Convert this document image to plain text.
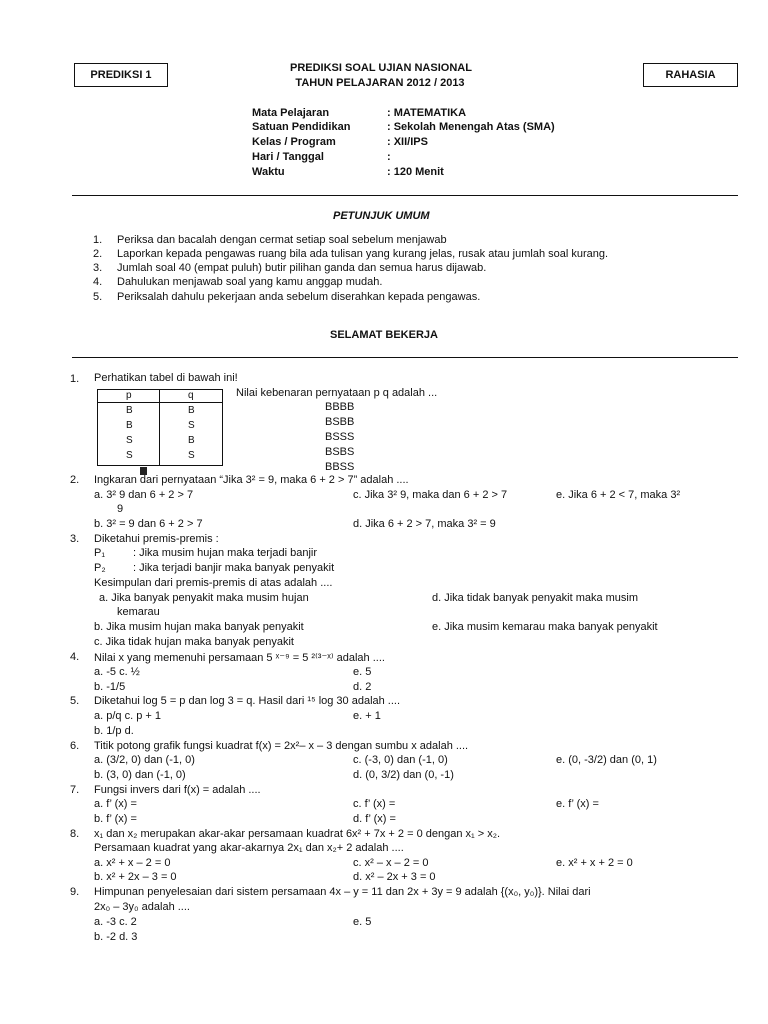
PREDIKSI 1	RAHASIA
PREDIKSI SOAL UJIAN NASIONAL
TAHUN PELAJARAN 2012 / 2013
Mata Pelajaran	: MATEMATIKA
Satuan Pendidikan	: Sekolah Menengah Atas (SMA)
Kelas / Program	: XII/IPS
Hari / Tanggal	:
Waktu	: 120 Menit
PETUNJUK UMUM
1. Periksa dan bacalah dengan cermat setiap soal sebelum menjawab
2. Laporkan kepada pengawas ruang bila ada tulisan yang kurang jelas, rusak atau jumlah soal kurang.
3. Jumlah soal 40 (empat puluh) butir pilihan ganda dan semua harus dijawab.
4. Dahulukan menjawab soal yang kamu anggap mudah.
5. Periksalah dahulu pekerjaan anda sebelum diserahkan kepada pengawas.
SELAMAT BEKERJA
1. Perhatikan tabel di bawah ini!
p	q
B	B
B	S
S	B
S	S
Nilai kebenaran pernyataan p q adalah ...
BBBB
BSBB
BSSS
BSBS
BBSS
2. Ingkaran dari pernyataan “Jika 3² = 9, maka 6 + 2 > 7” adalah ....
a. 3² 9 dan 6 + 2 > 7	c. Jika 3² 9, maka dan 6 + 2 > 7	e. Jika 6 + 2 < 7, maka 3²
9
b. 3² = 9 dan 6 + 2 > 7	d. Jika 6 + 2 > 7, maka 3² = 9
3. Diketahui premis-premis :
P₁	: Jika musim hujan maka terjadi banjir
P₂ : Jika terjadi banjir maka banyak penyakit
Kesimpulan dari premis-premis di atas adalah ....
a. Jika banyak penyakit maka musim hujan	d. Jika tidak banyak penyakit maka musim
kemarau
b. Jika musim hujan maka banyak penyakit	e. Jika musim kemarau maka banyak penyakit
c. Jika tidak hujan maka banyak penyakit
4. Nilai x yang memenuhi persamaan 5 ˣ⁻⁹ = 5 ²⁽³⁻ˣ⁾ adalah ....
a. -5 c. ½	e. 5
b. -1/5	d. 2
5. Diketahui log 5 = p dan log 3 = q. Hasil dari ¹⁵ log 30 adalah ....
a. p/q c. p + 1	e. + 1
b. 1/p d.
6. Titik potong grafik fungsi kuadrat f(x) = 2x²– x – 3 dengan sumbu x adalah ....
a. (3/2, 0) dan (-1, 0)	c. (-3, 0) dan (-1, 0)	e. (0, -3/2) dan (0, 1)
b. (3, 0) dan (-1, 0)	d. (0, 3/2) dan (0, -1)
7. Fungsi invers dari f(x) = adalah ....
a. f’ (x) =	c. f’ (x) =	e. f’ (x) =
b. f’ (x) =	d. f’ (x) =
8. x₁ dan x₂ merupakan akar-akar persamaan kuadrat 6x² + 7x + 2 = 0 dengan x₁ > x₂.
Persamaan kuadrat yang akar-akarnya 2x₁ dan x₂+ 2 adalah ....
a. x² + x – 2 = 0	c. x² – x – 2 = 0	e. x² + x + 2 = 0
b. x² + 2x – 3 = 0	d. x² – 2x + 3 = 0
9. Himpunan penyelesaian dari sistem persamaan 4x – y = 11 dan 2x + 3y = 9 adalah {(x₀, y₀)}. Nilai dari
2x₀ – 3y₀ adalah ....
a. -3 c. 2	e. 5
b. -2 d. 3
